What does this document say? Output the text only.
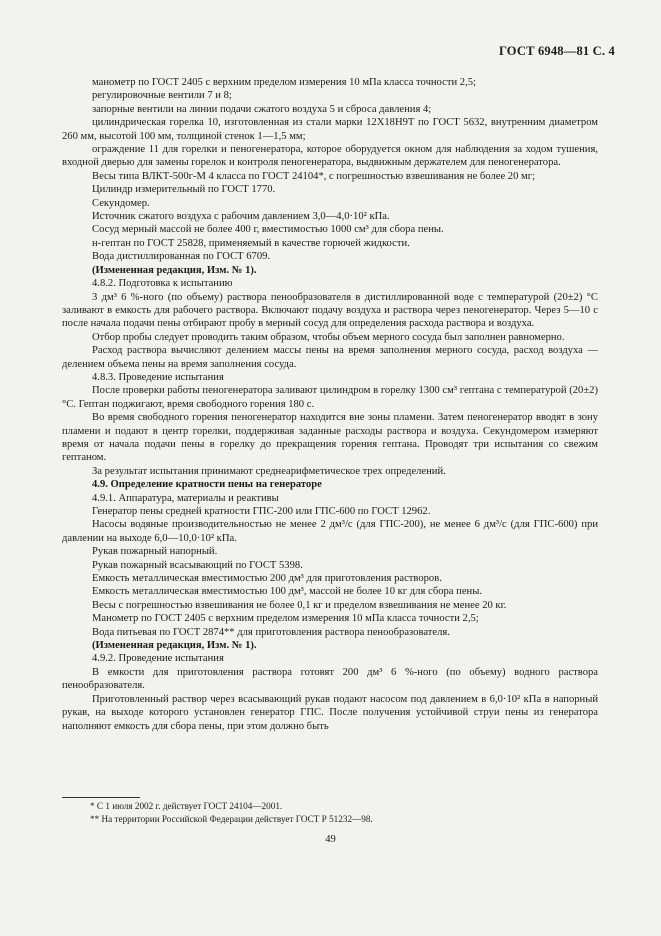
ГОСТ 6948—81 С. 4

манометр по ГОСТ 2405 с верхним пределом измерения 10 мПа класса точности 2,5;

регулировочные вентили 7 и 8;

запорные вентили на линии подачи сжатого воздуха 5 и сброса давления 4;

цилиндрическая горелка 10, изготовленная из стали марки 12Х18Н9Т по ГОСТ 5632, внутренним диаметром 260 мм, высотой 100 мм, толщиной стенок 1—1,5 мм;

ограждение 11 для горелки и пеногенератора, которое оборудуется окном для наблюдения за ходом тушения, входной дверью для замены горелок и контроля пеногенератора, выдвижным держателем для пеногенератора.

Весы типа ВЛКТ-500г-М 4 класса по ГОСТ 24104*, с погрешностью взвешивания не более 20 мг;

Цилиндр измерительный по ГОСТ 1770.

Секундомер.

Источник сжатого воздуха с рабочим давлением 3,0—4,0·10² кПа.

Сосуд мерный массой не более 400 г, вместимостью 1000 см³ для сбора пены.

н-гептан по ГОСТ 25828, применяемый в качестве горючей жидкости.

Вода дистиллированная по ГОСТ 6709.

(Измененная редакция, Изм. № 1).

4.8.2. Подготовка к испытанию

3 дм³ 6 %-ного (по объему) раствора пенообразователя в дистиллированной воде с температурой (20±2) °С заливают в емкость для рабочего раствора. Включают подачу воздуха и раствора через пеногенератор. Через 5—10 с после начала подачи пены отбирают пробу в мерный сосуд для определения расхода раствора и воздуха.

Отбор пробы следует проводить таким образом, чтобы объем мерного сосуда был заполнен равномерно.

Расход раствора вычисляют делением массы пены на время заполнения мерного сосуда, расход воздуха — делением объема пены на время заполнения сосуда.

4.8.3. Проведение испытания

После проверки работы пеногенератора заливают цилиндром в горелку 1300 см³ гептана с температурой (20±2) °С. Гептан поджигают, время свободного горения 180 с.

Во время свободного горения пеногенератор находится вне зоны пламени. Затем пеногенератор вводят в зону пламени и подают в центр горелки, поддерживая заданные расходы раствора и воздуха. Секундомером измеряют время от начала подачи пены в горелку до прекращения горения гептана. Проводят три испытания со свежим гептаном.

За результат испытания принимают среднеарифметическое трех определений.

4.9. Определение кратности пены на генераторе

4.9.1. Аппаратура, материалы и реактивы

Генератор пены средней кратности ГПС-200 или ГПС-600 по ГОСТ 12962.

Насосы водяные производительностью не менее 2 дм³/с (для ГПС-200), не менее 6 дм³/с (для ГПС-600) при давлении на выходе 6,0—10,0·10² кПа.

Рукав пожарный напорный.

Рукав пожарный всасывающий по ГОСТ 5398.

Емкость металлическая вместимостью 200 дм³ для приготовления растворов.

Емкость металлическая вместимостью 100 дм³, массой не более 10 кг для сбора пены.

Весы с погрешностью взвешивания не более 0,1 кг и пределом взвешивания не менее 20 кг.

Манометр по ГОСТ 2405 с верхним пределом измерения 10 мПа класса точности 2,5;

Вода питьевая по ГОСТ 2874** для приготовления раствора пенообразователя.

(Измененная редакция, Изм. № 1).

4.9.2. Проведение испытания

В емкости для приготовления раствора готовят 200 дм³ 6 %-ного (по объему) водного раствора пенообразователя.

Приготовленный раствор через всасывающий рукав подают насосом под давлением в 6,0·10² кПа в напорный рукав, на выходе которого установлен генератор ГПС. После получения устойчивой струи пены из генератора наполняют емкость для сбора пены, при этом должно быть

* С 1 июля 2002 г. действует ГОСТ 24104—2001.

** На территории Российской Федерации действует ГОСТ Р 51232—98.

49
